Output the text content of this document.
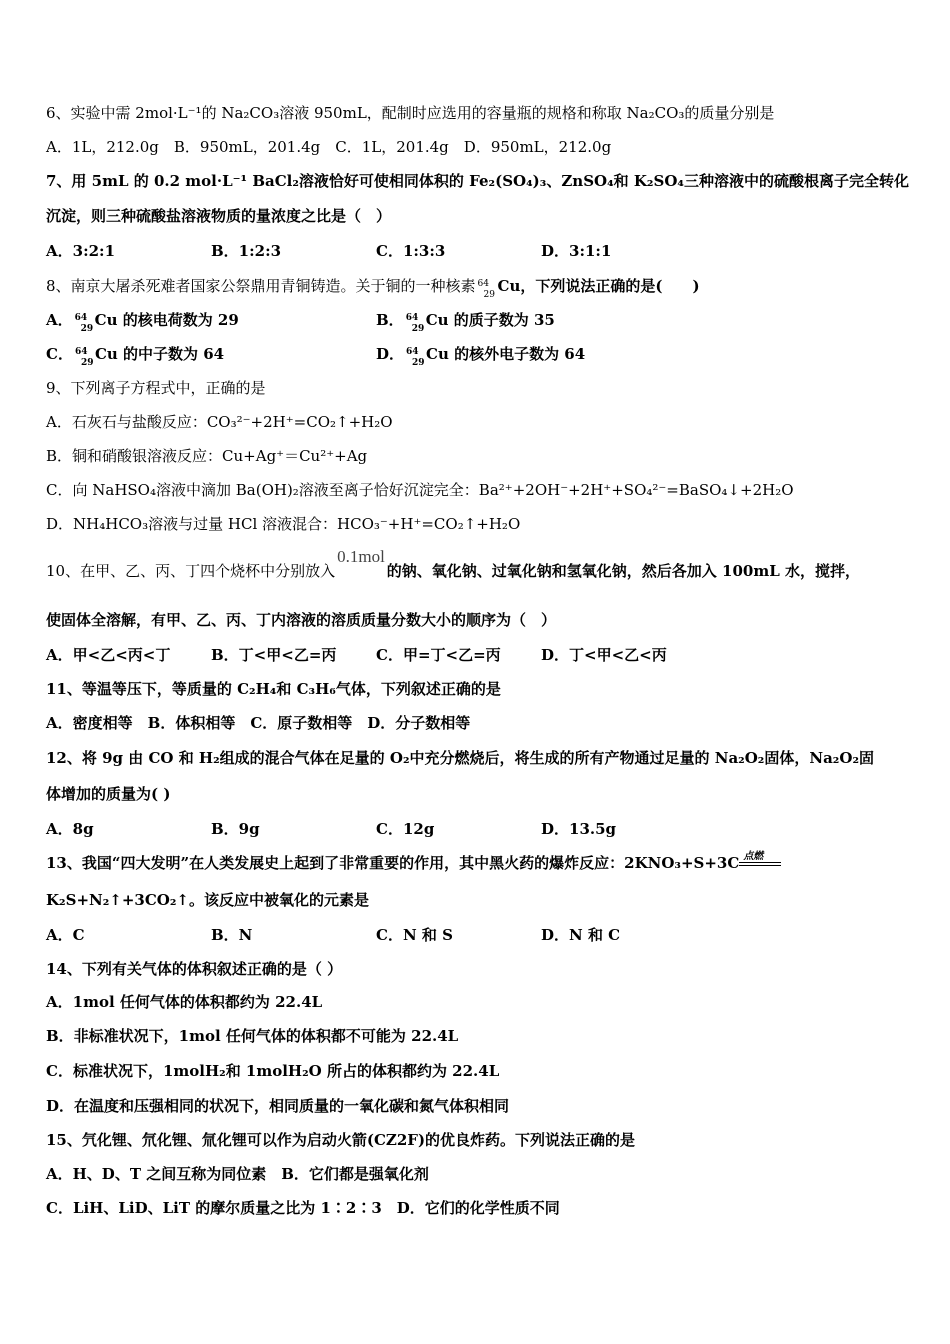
6、实验中需 2mol·L⁻¹的 Na₂CO₃溶液 950mL，配制时应选用的容量瓶的规格和称取 Na₂CO₃的质量分别是
A．1L，212.0g　B．950mL，201.4g　C．1L，201.4g　D．950mL，212.0g
7、用 5mL 的 0.2 mol·L⁻¹ BaCl₂溶液恰好可使相同体积的 Fe₂(SO₄)₃、ZnSO₄和 K₂SO₄三种溶液中的硫酸根离子完全转化
沉淀，则三种硫酸盐溶液物质的量浓度之比是（　）
A．3:2:1	B．1:2:3	C．1:3:3	D．3:1:1
8、南京大屠杀死难者国家公祭鼎用青铜铸造。关于铜的一种核素 64
29 Cu，下列说法正确的是(　　)
A． 64
29 Cu 的核电荷数为 29	B． 64
29 Cu 的质子数为 35
C． 64
29 Cu 的中子数为 64	D． 64
29 Cu 的核外电子数为 64
9、下列离子方程式中，正确的是
A．石灰石与盐酸反应：CO₃²⁻+2H⁺=CO₂↑+H₂O
B．铜和硝酸银溶液反应：Cu+Ag⁺＝Cu²⁺+Ag
C．向 NaHSO₄溶液中滴加 Ba(OH)₂溶液至离子恰好沉淀完全：Ba²⁺+2OH⁻+2H⁺+SO₄²⁻=BaSO₄↓+2H₂O
D．NH₄HCO₃溶液与过量 HCl 溶液混合：HCO₃⁻+H⁺=CO₂↑+H₂O
10、在甲、乙、丙、丁四个烧杯中分别放入0.1mol的钠、氧化钠、过氧化钠和氢氧化钠，然后各加入 100mL 水，搅拌，
使固体全溶解，有甲、乙、丙、丁内溶液的溶质质量分数大小的顺序为（　）
A．甲<乙<丙<丁	B．丁<甲<乙=丙	C．甲=丁<乙=丙	D．丁<甲<乙<丙
11、等温等压下，等质量的 C₂H₄和 C₃H₆气体，下列叙述正确的是
A．密度相等　B．体积相等　C．原子数相等　D．分子数相等
12、将 9g 由 CO 和 H₂组成的混合气体在足量的 O₂中充分燃烧后，将生成的所有产物通过足量的 Na₂O₂固体，Na₂O₂固
体增加的质量为( )
A．8g	B．9g	C．12g	D．13.5g
13、我国“四大发明”在人类发展史上起到了非常重要的作用，其中黑火药的爆炸反应：2KNO₃+S+3C 点燃
K₂S+N₂↑+3CO₂↑。该反应中被氧化的元素是
A．C	B．N	C．N 和 S	D．N 和 C
14、下列有关气体的体积叙述正确的是（ ）
A．1mol 任何气体的体积都约为 22.4L
B．非标准状况下，1mol 任何气体的体积都不可能为 22.4L
C．标准状况下，1molH₂和 1molH₂O 所占的体积都约为 22.4L
D．在温度和压强相同的状况下，相同质量的一氧化碳和氮气体积相同
15、氕化锂、氘化锂、氚化锂可以作为启动火箭(CZ2F)的优良炸药。下列说法正确的是
A．H、D、T 之间互称为同位素　B．它们都是强氧化剂
C．LiH、LiD、LiT 的摩尔质量之比为 1∶2∶3　D．它们的化学性质不同
